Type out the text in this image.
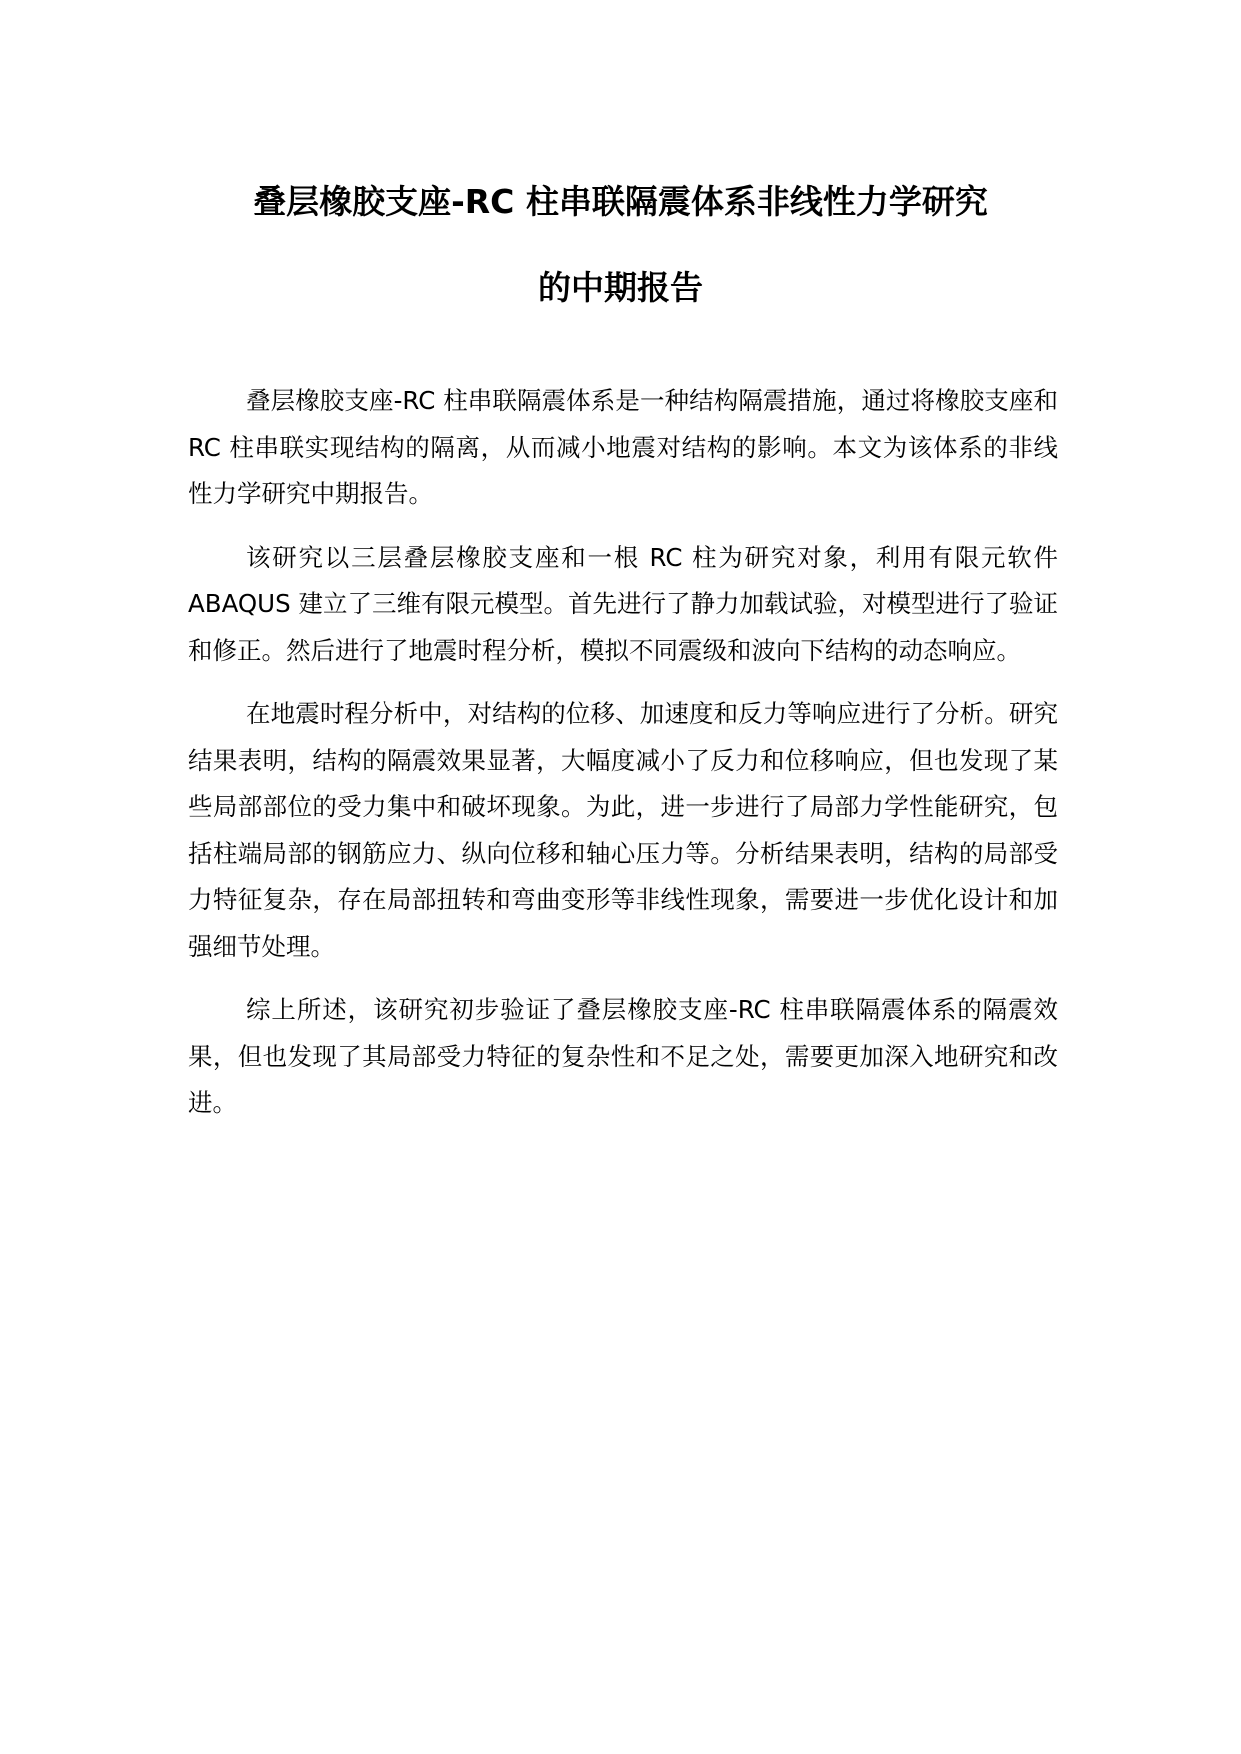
叠层橡胶支座-RC 柱串联隔震体系非线性力学研究
的中期报告

叠层橡胶支座-RC 柱串联隔震体系是一种结构隔震措施，通过将橡胶支座和 RC 柱串联实现结构的隔离，从而减小地震对结构的影响。本文为该体系的非线性力学研究中期报告。

该研究以三层叠层橡胶支座和一根 RC 柱为研究对象，利用有限元软件 ABAQUS 建立了三维有限元模型。首先进行了静力加载试验，对模型进行了验证和修正。然后进行了地震时程分析，模拟不同震级和波向下结构的动态响应。

在地震时程分析中，对结构的位移、加速度和反力等响应进行了分析。研究结果表明，结构的隔震效果显著，大幅度减小了反力和位移响应，但也发现了某些局部部位的受力集中和破坏现象。为此，进一步进行了局部力学性能研究，包括柱端局部的钢筋应力、纵向位移和轴心压力等。分析结果表明，结构的局部受力特征复杂，存在局部扭转和弯曲变形等非线性现象，需要进一步优化设计和加强细节处理。

综上所述，该研究初步验证了叠层橡胶支座-RC 柱串联隔震体系的隔震效果，但也发现了其局部受力特征的复杂性和不足之处，需要更加深入地研究和改进。
